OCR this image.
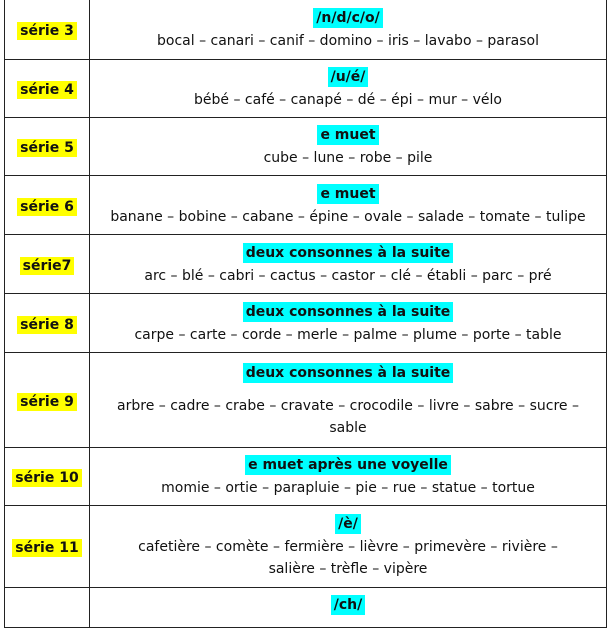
série 3	/n/d/c/o/
bocal – canari – canif – domino – iris – lavabo – parasol

série 4	/u/é/
bébé – café – canapé – dé – épi – mur – vélo

série 5	e muet
cube – lune – robe – pile

série 6	e muet
banane – bobine – cabane – épine – ovale – salade – tomate – tulipe

série7	deux consonnes à la suite
arc – blé – cabri – cactus – castor – clé – établi – parc – pré

série 8	deux consonnes à la suite
carpe – carte – corde – merle – palme – plume – porte – table

série 9	deux consonnes à la suite
arbre – cadre – crabe – cravate – crocodile – livre – sabre – sucre –
sable

série 10	e muet après une voyelle
momie – ortie – parapluie – pie – rue – statue – tortue

série 11	/è/
cafetière – comète – fermière – lièvre – primevère – rivière –
salière – trèfle – vipère

	/ch/
